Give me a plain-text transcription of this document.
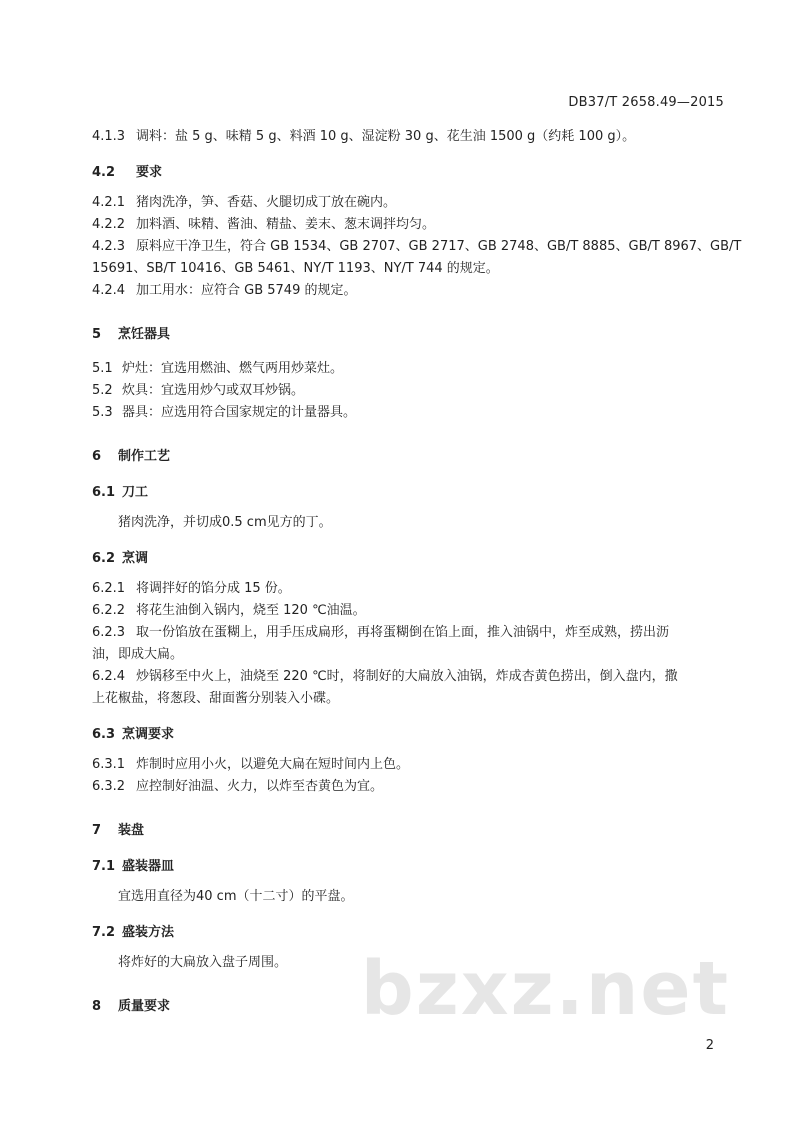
DB37/T 2658.49—2015
4.1.3 调料：盐 5 g、味精 5 g、料酒 10 g、湿淀粉 30 g、花生油 1500 g（约耗 100 g）。
4.2 要求
4.2.1 猪肉洗净，笋、香菇、火腿切成丁放在碗内。
4.2.2 加料酒、味精、酱油、精盐、姜末、葱末调拌均匀。
4.2.3 原料应干净卫生，符合 GB 1534、GB 2707、GB 2717、GB 2748、GB/T 8885、GB/T 8967、GB/T
15691、SB/T 10416、GB 5461、NY/T 1193、NY/T 744 的规定。
4.2.4 加工用水：应符合 GB 5749 的规定。
5 烹饪器具
5.1 炉灶：宜选用燃油、燃气两用炒菜灶。
5.2 炊具：宜选用炒勺或双耳炒锅。
5.3 器具：应选用符合国家规定的计量器具。
6 制作工艺
6.1 刀工
猪肉洗净，并切成0.5 cm见方的丁。
6.2 烹调
6.2.1 将调拌好的馅分成 15 份。
6.2.2 将花生油倒入锅内，烧至 120 ℃油温。
6.2.3 取一份馅放在蛋糊上，用手压成扁形，再将蛋糊倒在馅上面，推入油锅中，炸至成熟，捞出沥
油，即成大扁。
6.2.4 炒锅移至中火上，油烧至 220 ℃时，将制好的大扁放入油锅，炸成杏黄色捞出，倒入盘内，撒
上花椒盐，将葱段、甜面酱分别装入小碟。
6.3 烹调要求
6.3.1 炸制时应用小火，以避免大扁在短时间内上色。
6.3.2 应控制好油温、火力，以炸至杏黄色为宜。
7 装盘
7.1 盛装器皿
宜选用直径为40 cm（十二寸）的平盘。
7.2 盛装方法
将炸好的大扁放入盘子周围。
8 质量要求	bzxz.net
2
